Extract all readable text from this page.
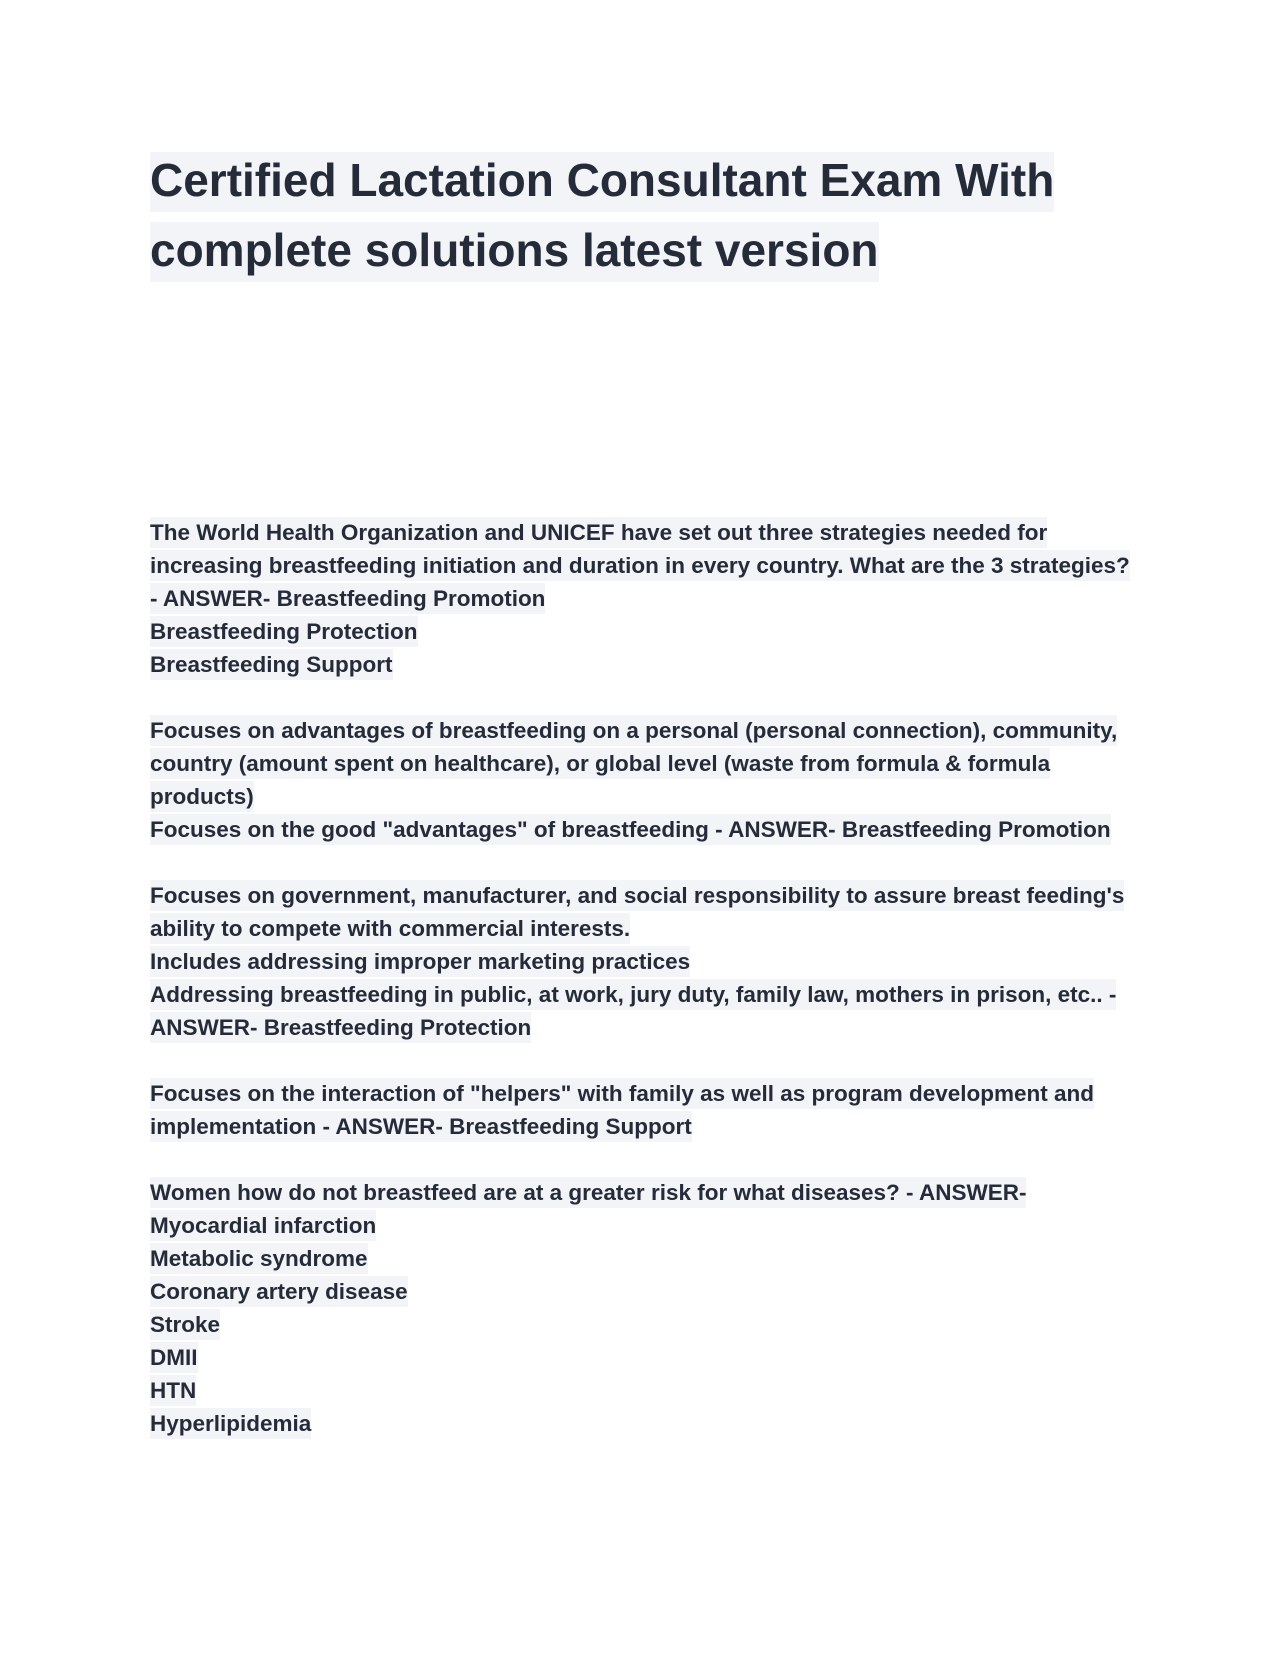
Certified Lactation Consultant Exam With complete solutions latest version

The World Health Organization and UNICEF have set out three strategies needed for increasing breastfeeding initiation and duration in every country. What are the 3 strategies? - ANSWER- Breastfeeding Promotion
Breastfeeding Protection
Breastfeeding Support

Focuses on advantages of breastfeeding on a personal (personal connection), community, country (amount spent on healthcare), or global level (waste from formula & formula products)
Focuses on the good "advantages" of breastfeeding - ANSWER- Breastfeeding Promotion

Focuses on government, manufacturer, and social responsibility to assure breast feeding's ability to compete with commercial interests.
Includes addressing improper marketing practices
Addressing breastfeeding in public, at work, jury duty, family law, mothers in prison, etc.. - ANSWER- Breastfeeding Protection

Focuses on the interaction of "helpers" with family as well as program development and implementation - ANSWER- Breastfeeding Support

Women how do not breastfeed are at a greater risk for what diseases? - ANSWER- Myocardial infarction
Metabolic syndrome
Coronary artery disease
Stroke
DMII
HTN
Hyperlipidemia
